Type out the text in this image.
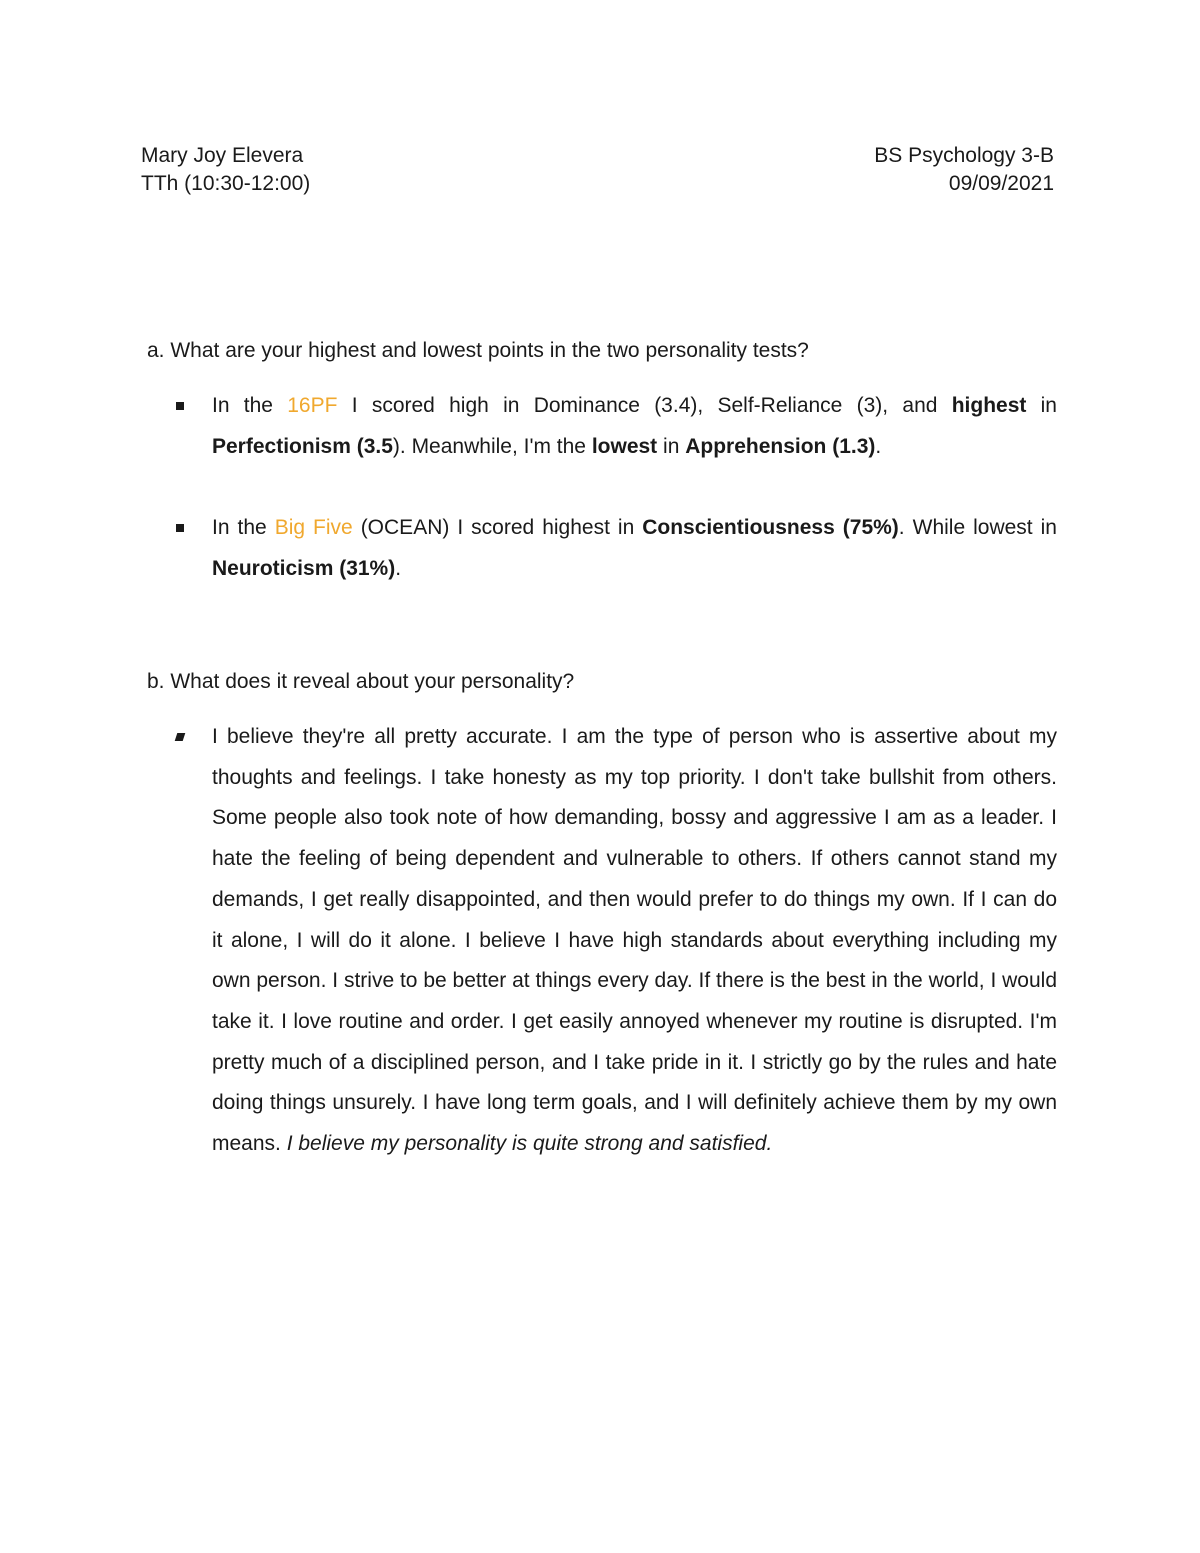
Mary Joy Elevera
TTh (10:30-12:00)
BS Psychology 3-B
09/09/2021
a. What are your highest and lowest points in the two personality tests?
In the 16PF I scored high in Dominance (3.4), Self-Reliance (3), and highest in Perfectionism (3.5). Meanwhile, I'm the lowest in Apprehension (1.3).
In the Big Five (OCEAN) I scored highest in Conscientiousness (75%). While lowest in Neuroticism (31%).
b. What does it reveal about your personality?
I believe they're all pretty accurate. I am the type of person who is assertive about my thoughts and feelings. I take honesty as my top priority. I don't take bullshit from others. Some people also took note of how demanding, bossy and aggressive I am as a leader. I hate the feeling of being dependent and vulnerable to others. If others cannot stand my demands, I get really disappointed, and then would prefer to do things my own. If I can do it alone, I will do it alone. I believe I have high standards about everything including my own person. I strive to be better at things every day. If there is the best in the world, I would take it. I love routine and order. I get easily annoyed whenever my routine is disrupted. I'm pretty much of a disciplined person, and I take pride in it. I strictly go by the rules and hate doing things unsurely. I have long term goals, and I will definitely achieve them by my own means. I believe my personality is quite strong and satisfied.
